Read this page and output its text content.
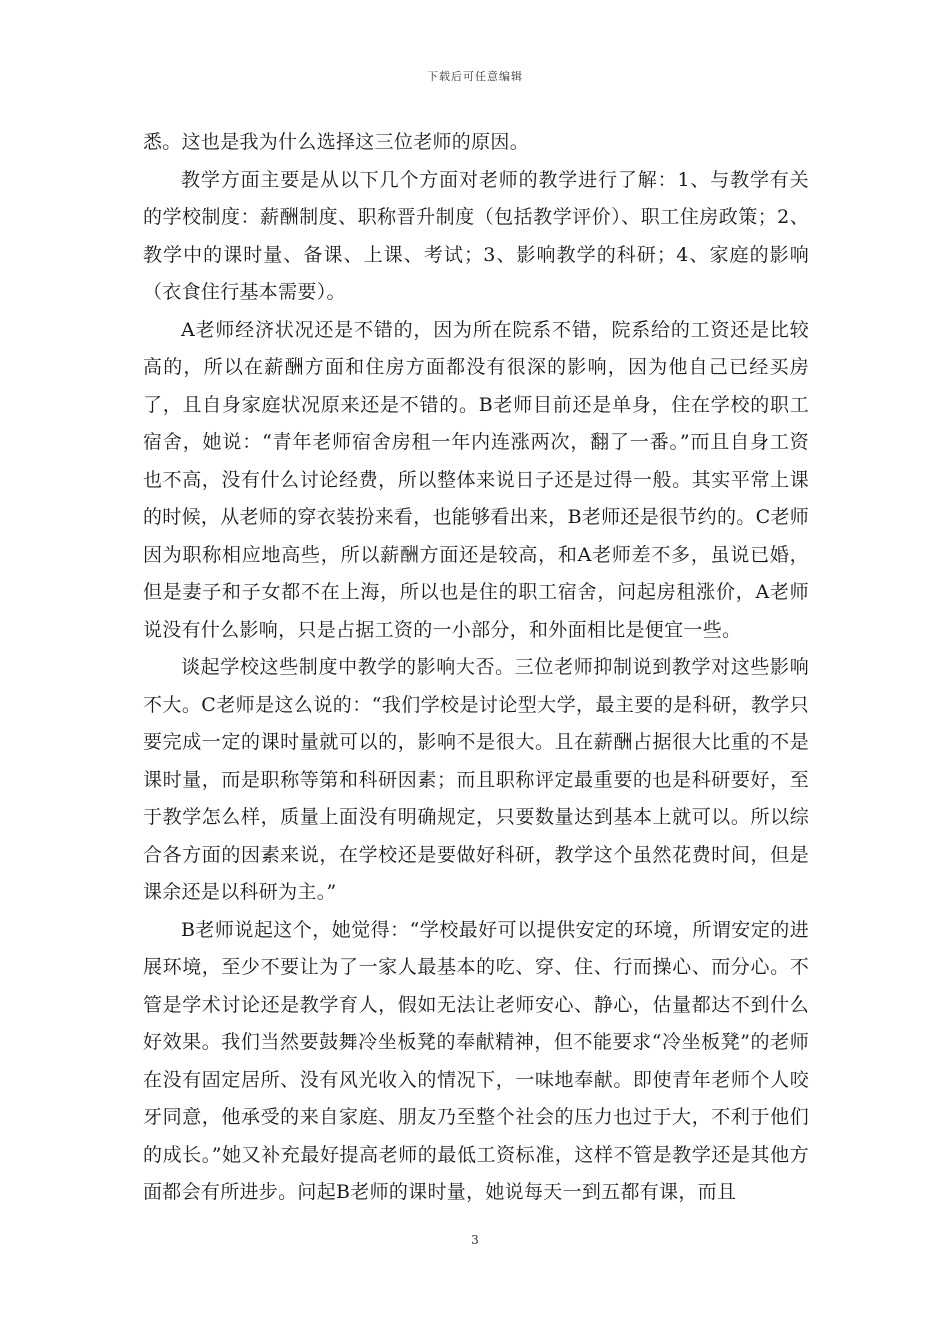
下载后可任意编辑

悉。这也是我为什么选择这三位老师的原因。

教学方面主要是从以下几个方面对老师的教学进行了解：1、与教学有关的学校制度：薪酬制度、职称晋升制度（包括教学评价）、职工住房政策；2、教学中的课时量、备课、上课、考试；3、影响教学的科研；4、家庭的影响（衣食住行基本需要）。

A老师经济状况还是不错的，因为所在院系不错，院系给的工资还是比较高的，所以在薪酬方面和住房方面都没有很深的影响，因为他自己已经买房了，且自身家庭状况原来还是不错的。B老师目前还是单身，住在学校的职工宿舍，她说：“青年老师宿舍房租一年内连涨两次，翻了一番。”而且自身工资也不高，没有什么讨论经费，所以整体来说日子还是过得一般。其实平常上课的时候，从老师的穿衣装扮来看，也能够看出来，B老师还是很节约的。C老师因为职称相应地高些，所以薪酬方面还是较高，和A老师差不多，虽说已婚，但是妻子和子女都不在上海，所以也是住的职工宿舍，问起房租涨价，A老师说没有什么影响，只是占据工资的一小部分，和外面相比是便宜一些。

谈起学校这些制度中教学的影响大否。三位老师抑制说到教学对这些影响不大。C老师是这么说的：“我们学校是讨论型大学，最主要的是科研，教学只要完成一定的课时量就可以的，影响不是很大。且在薪酬占据很大比重的不是课时量，而是职称等第和科研因素；而且职称评定最重要的也是科研要好，至于教学怎么样，质量上面没有明确规定，只要数量达到基本上就可以。所以综合各方面的因素来说，在学校还是要做好科研，教学这个虽然花费时间，但是课余还是以科研为主。”

B老师说起这个，她觉得：“学校最好可以提供安定的环境，所谓安定的进展环境，至少不要让为了一家人最基本的吃、穿、住、行而操心、而分心。不管是学术讨论还是教学育人，假如无法让老师安心、静心，估量都达不到什么好效果。我们当然要鼓舞冷坐板凳的奉献精神，但不能要求“冷坐板凳”的老师在没有固定居所、没有风光收入的情况下，一味地奉献。即使青年老师个人咬牙同意，他承受的来自家庭、朋友乃至整个社会的压力也过于大，不利于他们的成长。”她又补充最好提高老师的最低工资标准，这样不管是教学还是其他方面都会有所进步。问起B老师的课时量，她说每天一到五都有课，而且

3
